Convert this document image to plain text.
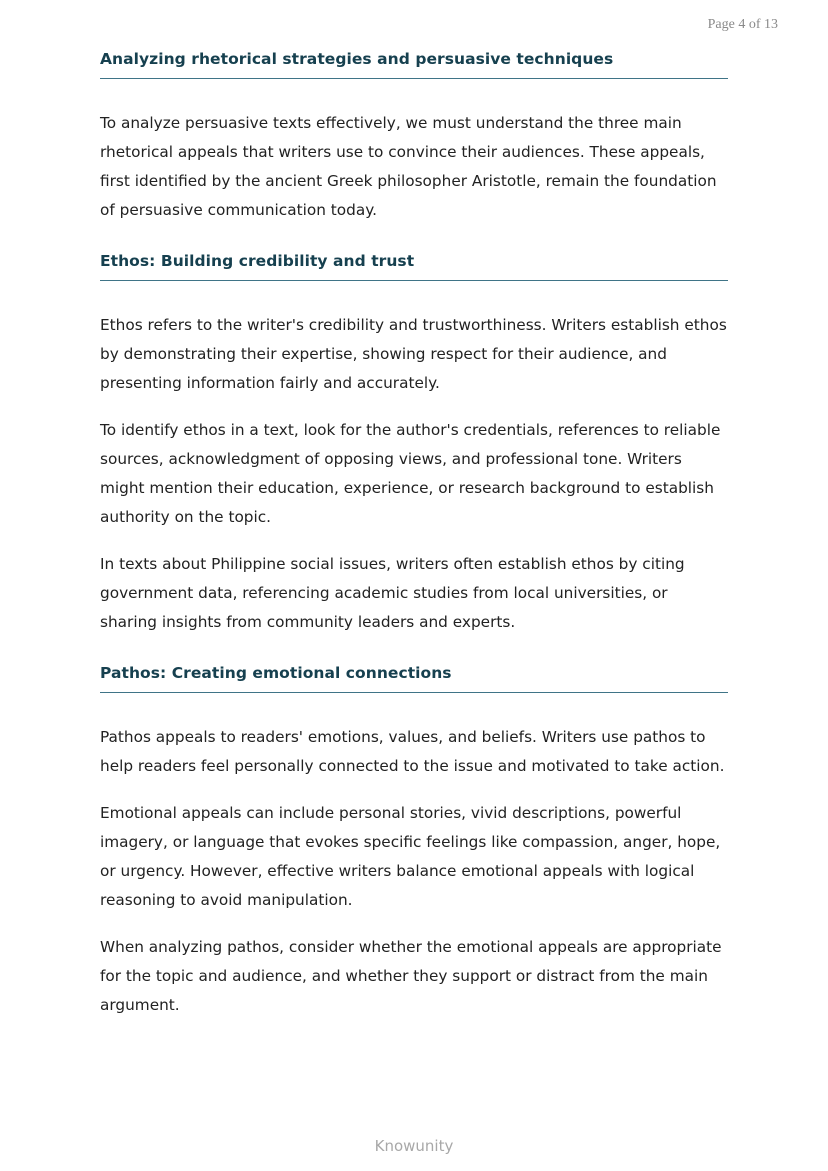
Page 4 of 13
Analyzing rhetorical strategies and persuasive techniques

To analyze persuasive texts effectively, we must understand the three main rhetorical appeals that writers use to convince their audiences. These appeals, first identified by the ancient Greek philosopher Aristotle, remain the foundation of persuasive communication today.

Ethos: Building credibility and trust

Ethos refers to the writer's credibility and trustworthiness. Writers establish ethos by demonstrating their expertise, showing respect for their audience, and presenting information fairly and accurately.

To identify ethos in a text, look for the author's credentials, references to reliable sources, acknowledgment of opposing views, and professional tone. Writers might mention their education, experience, or research background to establish authority on the topic.

In texts about Philippine social issues, writers often establish ethos by citing government data, referencing academic studies from local universities, or sharing insights from community leaders and experts.

Pathos: Creating emotional connections

Pathos appeals to readers' emotions, values, and beliefs. Writers use pathos to help readers feel personally connected to the issue and motivated to take action.

Emotional appeals can include personal stories, vivid descriptions, powerful imagery, or language that evokes specific feelings like compassion, anger, hope, or urgency. However, effective writers balance emotional appeals with logical reasoning to avoid manipulation.

When analyzing pathos, consider whether the emotional appeals are appropriate for the topic and audience, and whether they support or distract from the main argument.

Knowunity
